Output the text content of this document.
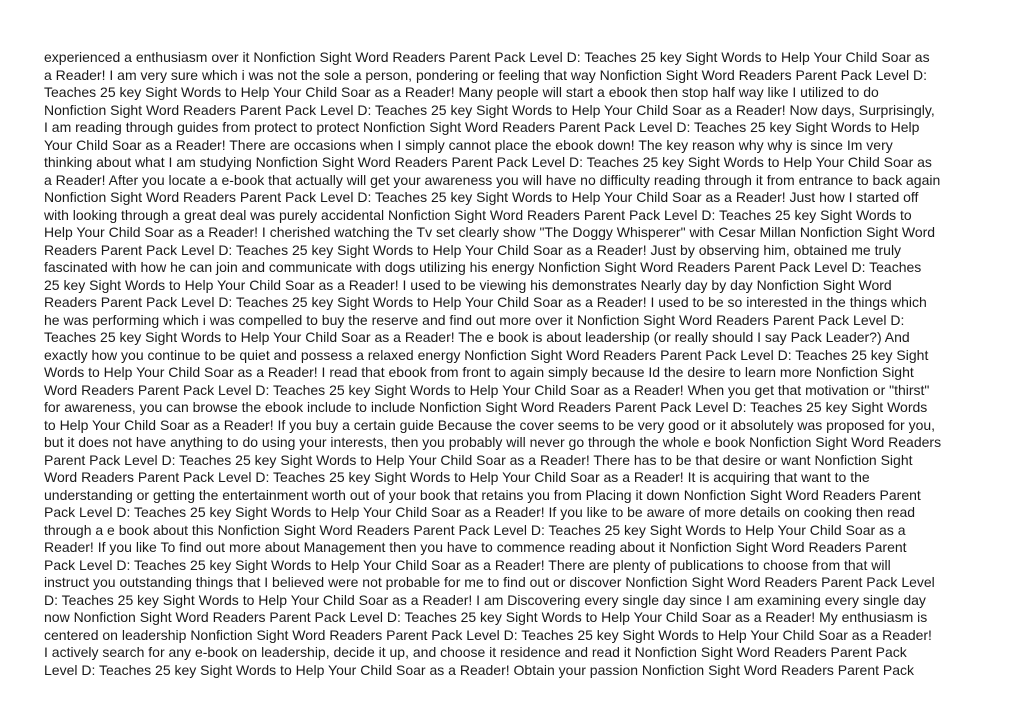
experienced a enthusiasm over it Nonfiction Sight Word Readers Parent Pack Level D: Teaches 25 key Sight Words to Help Your Child Soar as
a Reader! I am very sure which i was not the sole a person, pondering or feeling that way Nonfiction Sight Word Readers Parent Pack Level D:
Teaches 25 key Sight Words to Help Your Child Soar as a Reader! Many people will start a ebook then stop half way like I utilized to do
Nonfiction Sight Word Readers Parent Pack Level D: Teaches 25 key Sight Words to Help Your Child Soar as a Reader! Now days, Surprisingly,
I am reading through guides from protect to protect Nonfiction Sight Word Readers Parent Pack Level D: Teaches 25 key Sight Words to Help
Your Child Soar as a Reader! There are occasions when I simply cannot place the ebook down! The key reason why why is since Im very
thinking about what I am studying Nonfiction Sight Word Readers Parent Pack Level D: Teaches 25 key Sight Words to Help Your Child Soar as
a Reader! After you locate a e-book that actually will get your awareness you will have no difficulty reading through it from entrance to back again
Nonfiction Sight Word Readers Parent Pack Level D: Teaches 25 key Sight Words to Help Your Child Soar as a Reader! Just how I started off
with looking through a great deal was purely accidental Nonfiction Sight Word Readers Parent Pack Level D: Teaches 25 key Sight Words to
Help Your Child Soar as a Reader! I cherished watching the Tv set clearly show "The Doggy Whisperer" with Cesar Millan Nonfiction Sight Word
Readers Parent Pack Level D: Teaches 25 key Sight Words to Help Your Child Soar as a Reader! Just by observing him, obtained me truly
fascinated with how he can join and communicate with dogs utilizing his energy Nonfiction Sight Word Readers Parent Pack Level D: Teaches
25 key Sight Words to Help Your Child Soar as a Reader! I used to be viewing his demonstrates Nearly day by day Nonfiction Sight Word
Readers Parent Pack Level D: Teaches 25 key Sight Words to Help Your Child Soar as a Reader! I used to be so interested in the things which
he was performing which i was compelled to buy the reserve and find out more over it Nonfiction Sight Word Readers Parent Pack Level D:
Teaches 25 key Sight Words to Help Your Child Soar as a Reader! The e book is about leadership (or really should I say Pack Leader?) And
exactly how you continue to be quiet and possess a relaxed energy Nonfiction Sight Word Readers Parent Pack Level D: Teaches 25 key Sight
Words to Help Your Child Soar as a Reader! I read that ebook from front to again simply because Id the desire to learn more Nonfiction Sight
Word Readers Parent Pack Level D: Teaches 25 key Sight Words to Help Your Child Soar as a Reader! When you get that motivation or "thirst"
for awareness, you can browse the ebook include to include Nonfiction Sight Word Readers Parent Pack Level D: Teaches 25 key Sight Words
to Help Your Child Soar as a Reader! If you buy a certain guide Because the cover seems to be very good or it absolutely was proposed for you,
but it does not have anything to do using your interests, then you probably will never go through the whole e book Nonfiction Sight Word Readers
Parent Pack Level D: Teaches 25 key Sight Words to Help Your Child Soar as a Reader! There has to be that desire or want Nonfiction Sight
Word Readers Parent Pack Level D: Teaches 25 key Sight Words to Help Your Child Soar as a Reader! It is acquiring that want to the
understanding or getting the entertainment worth out of your book that retains you from Placing it down Nonfiction Sight Word Readers Parent
Pack Level D: Teaches 25 key Sight Words to Help Your Child Soar as a Reader! If you like to be aware of more details on cooking then read
through a e book about this Nonfiction Sight Word Readers Parent Pack Level D: Teaches 25 key Sight Words to Help Your Child Soar as a
Reader! If you like To find out more about Management then you have to commence reading about it Nonfiction Sight Word Readers Parent
Pack Level D: Teaches 25 key Sight Words to Help Your Child Soar as a Reader! There are plenty of publications to choose from that will
instruct you outstanding things that I believed were not probable for me to find out or discover Nonfiction Sight Word Readers Parent Pack Level
D: Teaches 25 key Sight Words to Help Your Child Soar as a Reader! I am Discovering every single day since I am examining every single day
now Nonfiction Sight Word Readers Parent Pack Level D: Teaches 25 key Sight Words to Help Your Child Soar as a Reader! My enthusiasm is
centered on leadership Nonfiction Sight Word Readers Parent Pack Level D: Teaches 25 key Sight Words to Help Your Child Soar as a Reader!
I actively search for any e-book on leadership, decide it up, and choose it residence and read it Nonfiction Sight Word Readers Parent Pack
Level D: Teaches 25 key Sight Words to Help Your Child Soar as a Reader! Obtain your passion Nonfiction Sight Word Readers Parent Pack
